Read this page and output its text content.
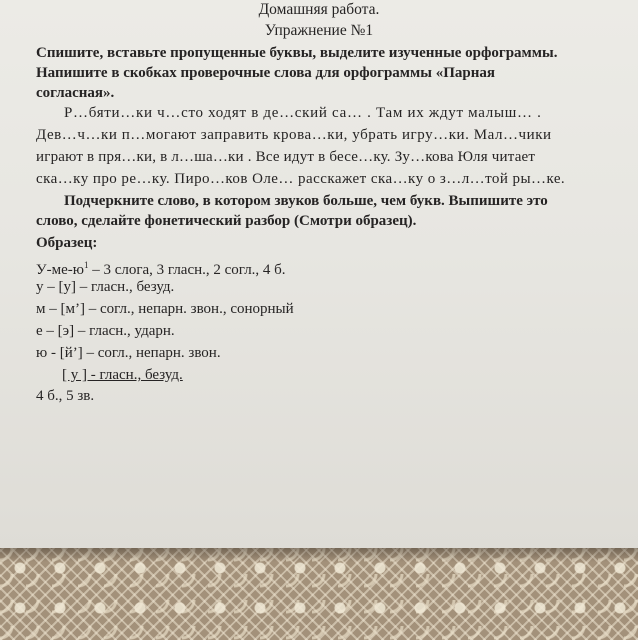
Домашняя работа.
Упражнение №1
Спишите, вставьте пропущенные буквы, выделите изученные орфограммы.
Напишите в скобках проверочные слова для орфограммы «Парная
согласная».
Р…бяти…ки ч…сто ходят в де…ский са… . Там их ждут малыш… .
Дев…ч…ки п…могают заправить крова…ки, убрать игру…ки. Мал…чики
играют в пря…ки, в л…ша…ки . Все идут в бесе…ку. Зу…кова Юля читает
ска…ку про ре…ку. Пиро…ков Оле… расскажет ска…ку о з…л…той ры…ке.
Подчеркните слово, в котором звуков больше, чем букв. Выпишите это
слово, сделайте фонетический разбор (Смотри образец).
Образец:
$У-ме-ю^1 - 3$ слога, 3 гласн., 2 согл., 4 б.
у – [у] – гласн., безуд.
м – [м’] – согл., непарн. звон., сонорный
е – [э] – гласн., ударн.
ю - [й’] – согл., непарн. звон.
[ у ] - гласн., безуд.
4 б., 5 зв.
